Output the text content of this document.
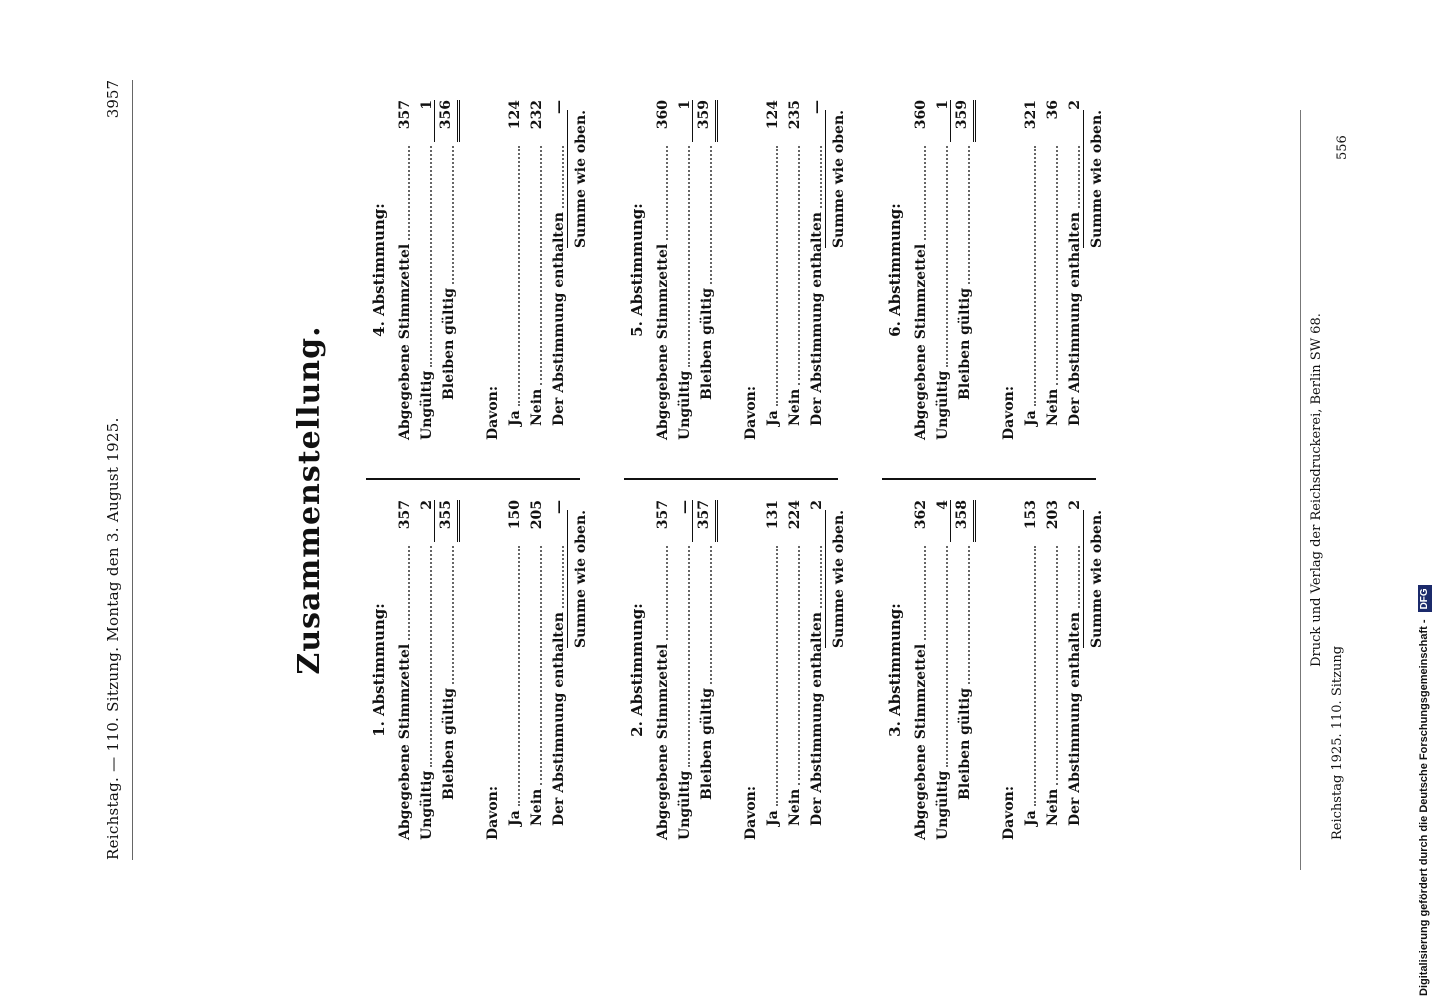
Reichstag. — 110. Sitzung. Montag den 3. August 1925.
3957
Zusammenstellung.	1. Abstimmung: Abgegebene Stimmzettel
357
Ungültig
2
Bleiben gültig
355
Davon: Ja
150
Nein
205
Der Abstimmung enthalten
—
Summe wie oben.
2. Abstimmung: Abgegebene Stimmzettel
357
Ungültig
—
Bleiben gültig
357
Davon: Ja
131
Nein
224
Der Abstimmung enthalten
2
Summe wie oben.
3. Abstimmung: Abgegebene Stimmzettel
362
Ungültig
4
Bleiben gültig
358
Davon: Ja
153
Nein
203
Der Abstimmung enthalten
2
Summe wie oben.
4. Abstimmung: Abgegebene Stimmzettel
357
Ungültig
1
Bleiben gültig
356
Davon: Ja
124
Nein
232
Der Abstimmung enthalten
—
Summe wie oben.
5. Abstimmung: Abgegebene Stimmzettel
360
Ungültig
1
Bleiben gültig
359
Davon: Ja
124
Nein
235
Der Abstimmung enthalten
—
Summe wie oben.
6. Abstimmung: Abgegebene Stimmzettel
360
Ungültig
1
Bleiben gültig
359
Davon: Ja
321
Nein
36
Der Abstimmung enthalten
2
Summe wie oben.
Druck und Verlag der Reichsdruckerei, Berlin SW 68.
Reichstag 1925. 110. Sitzung
556
Digitalisierung gefördert durch die Deutsche Forschungsgemeinschaft - DFG
